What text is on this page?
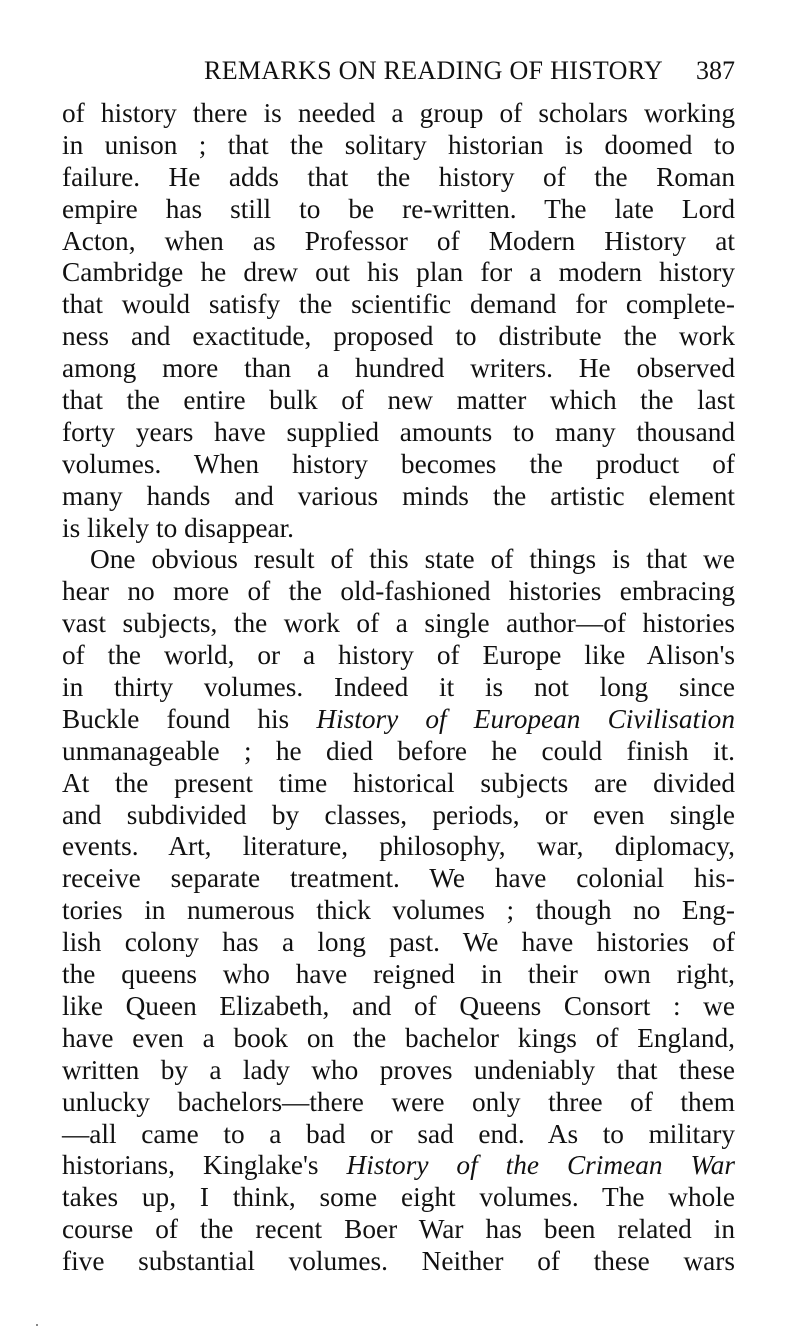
REMARKS ON READING OF HISTORY 387
of history there is needed a group of scholars working
in unison ; that the solitary historian is doomed to
failure. He adds that the history of the Roman
empire has still to be re-written. The late Lord
Acton, when as Professor of Modern History at
Cambridge he drew out his plan for a modern history
that would satisfy the scientific demand for complete-
ness and exactitude, proposed to distribute the work
among more than a hundred writers. He observed
that the entire bulk of new matter which the last
forty years have supplied amounts to many thousand
volumes. When history becomes the product of
many hands and various minds the artistic element
is likely to disappear.
One obvious result of this state of things is that we
hear no more of the old-fashioned histories embracing
vast subjects, the work of a single author—of histories
of the world, or a history of Europe like Alison's
in thirty volumes. Indeed it is not long since
Buckle found his History of European Civilisation
unmanageable ; he died before he could finish it.
At the present time historical subjects are divided
and subdivided by classes, periods, or even single
events. Art, literature, philosophy, war, diplomacy,
receive separate treatment. We have colonial his-
tories in numerous thick volumes ; though no Eng-
lish colony has a long past. We have histories of
the queens who have reigned in their own right,
like Queen Elizabeth, and of Queens Consort : we
have even a book on the bachelor kings of England,
written by a lady who proves undeniably that these
unlucky bachelors—there were only three of them
—all came to a bad or sad end. As to military
historians, Kinglake's History of the Crimean War
takes up, I think, some eight volumes. The whole
course of the recent Boer War has been related in
five substantial volumes. Neither of these wars
